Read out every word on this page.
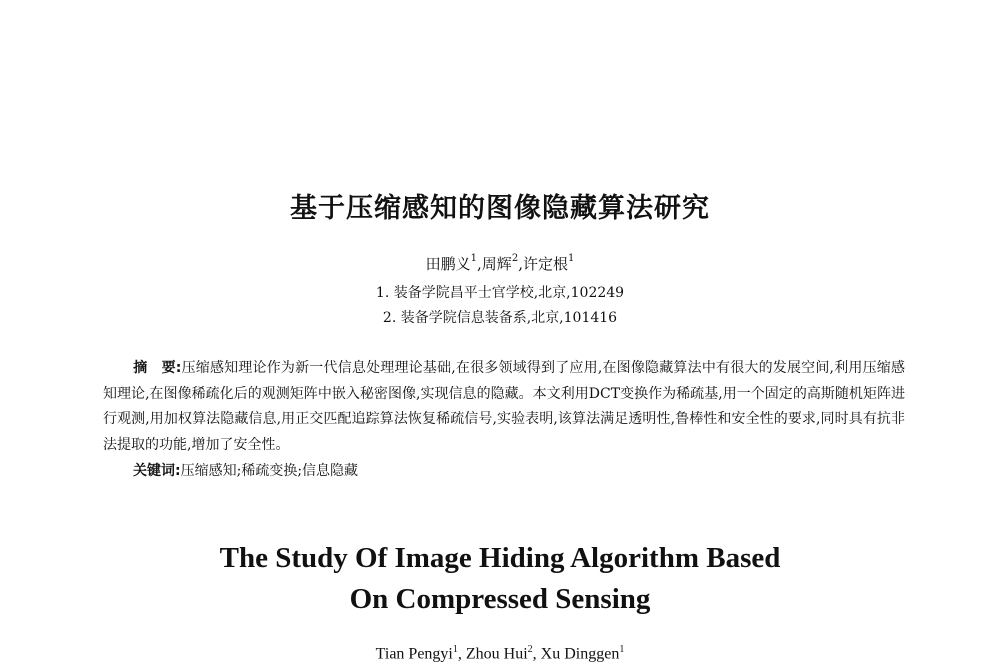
基于压缩感知的图像隐藏算法研究
田鹏义$^1$,周辉$^2$,许定根$^1$
1. 装备学院昌平士官学校,北京,102249
2. 装备学院信息装备系,北京,101416
摘　要:压缩感知理论作为新一代信息处理理论基础,在很多领域得到了应用,在图像隐藏算法中有很大的发展空间,利用压缩感知理论,在图像稀疏化后的观测矩阵中嵌入秘密图像,实现信息的隐藏。本文利用DCT变换作为稀疏基,用一个固定的高斯随机矩阵进行观测,用加权算法隐藏信息,用正交匹配追踪算法恢复稀疏信号,实验表明,该算法满足透明性,鲁棒性和安全性的要求,同时具有抗非法提取的功能,增加了安全性。
关键词:压缩感知;稀疏变换;信息隐藏
The Study Of Image Hiding Algorithm Based
On Compressed Sensing
Tian Pengyi$^1$, Zhou Hui$^2$, Xu Dinggen$^1$
